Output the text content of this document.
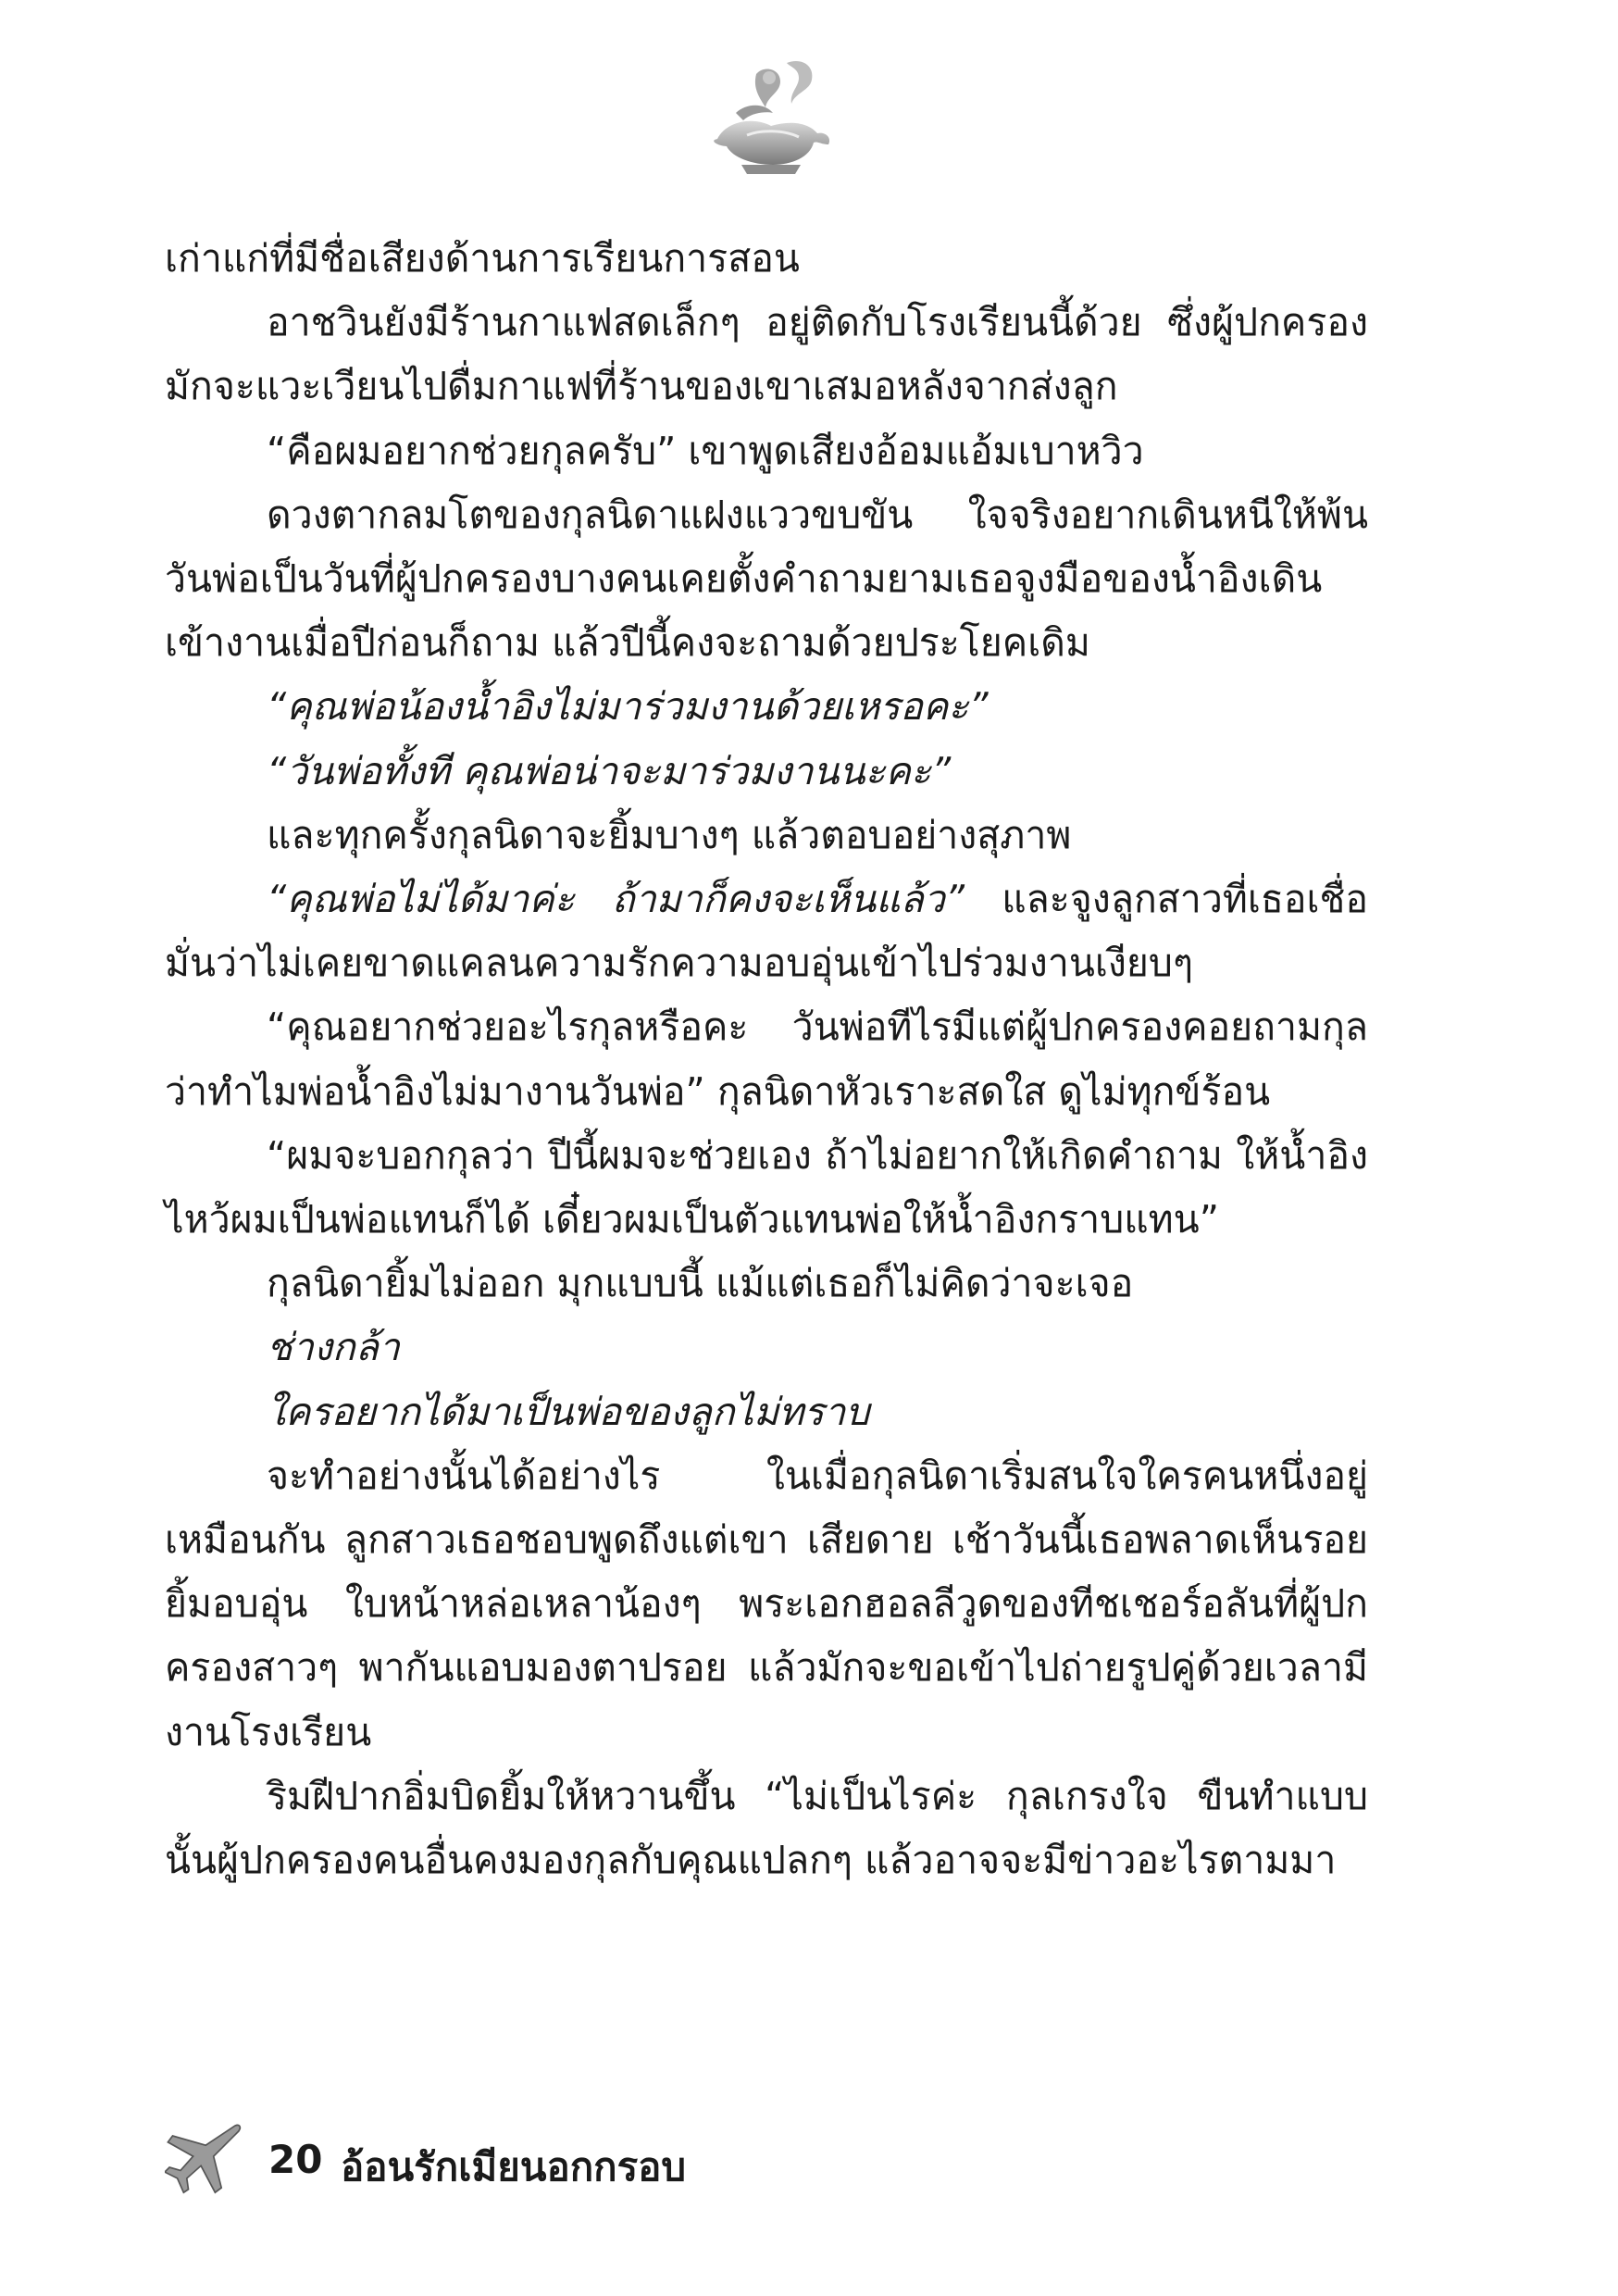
เก่าแก่ที่มีชื่อเสียงด้านการเรียนการสอน

อาชวินยังมีร้านกาแฟสดเล็กๆ อยู่ติดกับโรงเรียนนี้ด้วย ซึ่งผู้ปกครองมักจะแวะเวียนไปดื่มกาแฟที่ร้านของเขาเสมอหลังจากส่งลูก

“คือผมอยากช่วยกุลครับ” เขาพูดเสียงอ้อมแอ้มเบาหวิว

ดวงตากลมโตของกุลนิดาแฝงแววขบขัน ใจจริงอยากเดินหนีให้พ้นวันพ่อเป็นวันที่ผู้ปกครองบางคนเคยตั้งคำถามยามเธอจูงมือของน้ำอิงเดินเข้างานเมื่อปีก่อนก็ถาม แล้วปีนี้คงจะถามด้วยประโยคเดิม

“คุณพ่อน้องน้ำอิงไม่มาร่วมงานด้วยเหรอคะ”

“วันพ่อทั้งที คุณพ่อน่าจะมาร่วมงานนะคะ”

และทุกครั้งกุลนิดาจะยิ้มบางๆ แล้วตอบอย่างสุภาพ

“คุณพ่อไม่ได้มาค่ะ ถ้ามาก็คงจะเห็นแล้ว” และจูงลูกสาวที่เธอเชื่อมั่นว่าไม่เคยขาดแคลนความรักความอบอุ่นเข้าไปร่วมงานเงียบๆ

“คุณอยากช่วยอะไรกุลหรือคะ วันพ่อทีไรมีแต่ผู้ปกครองคอยถามกุลว่าทำไมพ่อน้ำอิงไม่มางานวันพ่อ” กุลนิดาหัวเราะสดใส ดูไม่ทุกข์ร้อน

“ผมจะบอกกุลว่า ปีนี้ผมจะช่วยเอง ถ้าไม่อยากให้เกิดคำถาม ให้น้ำอิงไหว้ผมเป็นพ่อแทนก็ได้ เดี๋ยวผมเป็นตัวแทนพ่อให้น้ำอิงกราบแทน”

กุลนิดายิ้มไม่ออก มุกแบบนี้ แม้แต่เธอก็ไม่คิดว่าจะเจอ

ช่างกล้า

ใครอยากได้มาเป็นพ่อของลูกไม่ทราบ

จะทำอย่างนั้นได้อย่างไร ในเมื่อกุลนิดาเริ่มสนใจใครคนหนึ่งอยู่เหมือนกัน ลูกสาวเธอชอบพูดถึงแต่เขา เสียดาย เช้าวันนี้เธอพลาดเห็นรอยยิ้มอบอุ่น ใบหน้าหล่อเหลาน้องๆ พระเอกฮอลลีวูดของทีชเชอร์อลันที่ผู้ปกครองสาวๆ พากันแอบมองตาปรอย แล้วมักจะขอเข้าไปถ่ายรูปคู่ด้วยเวลามีงานโรงเรียน

ริมฝีปากอิ่มบิดยิ้มให้หวานขึ้น “ไม่เป็นไรค่ะ กุลเกรงใจ ขืนทำแบบนั้นผู้ปกครองคนอื่นคงมองกุลกับคุณแปลกๆ แล้วอาจจะมีข่าวอะไรตามมา

20 อ้อนรักเมียนอกกรอบ
